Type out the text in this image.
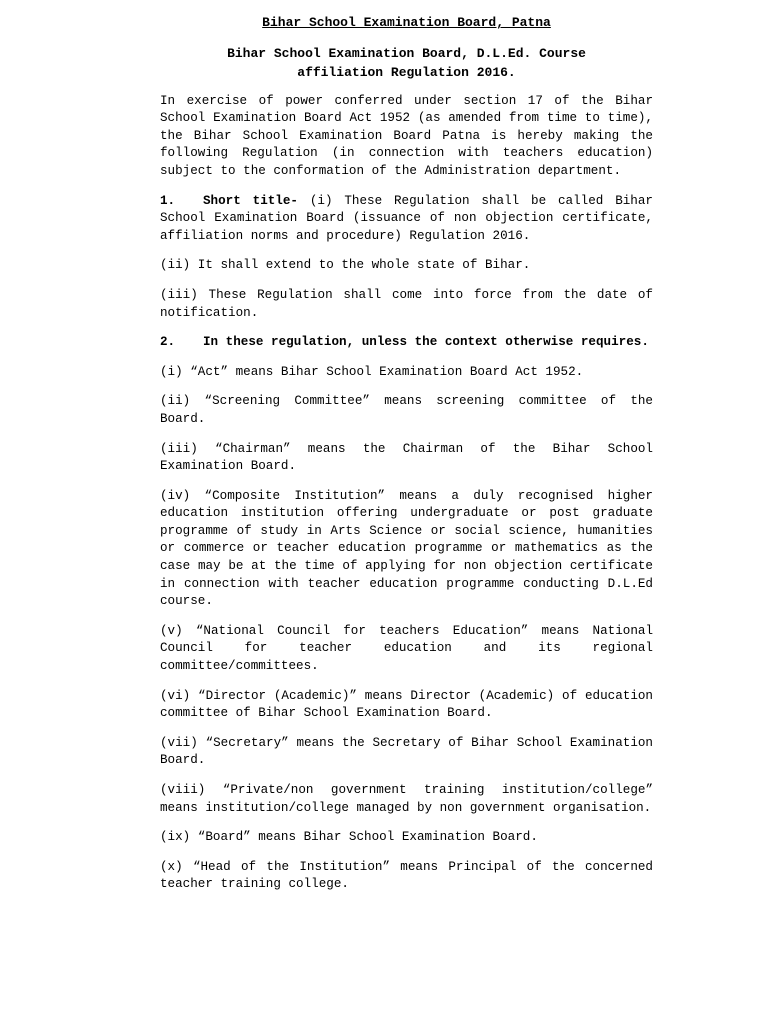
Bihar School Examination Board, Patna
Bihar School Examination Board, D.L.Ed. Course
affiliation Regulation 2016.

In exercise of power conferred under section 17 of the Bihar School Examination Board Act 1952 (as amended from time to time), the Bihar School Examination Board Patna is hereby making the following Regulation (in connection with teachers education) subject to the conformation of the Administration department.

1. Short title- (i) These Regulation shall be called Bihar School Examination Board (issuance of non objection certificate, affiliation norms and procedure) Regulation 2016.

(ii) It shall extend to the whole state of Bihar.

(iii) These Regulation shall come into force from the date of notification.

2. In these regulation, unless the context otherwise requires.

(i) “Act” means Bihar School Examination Board Act 1952.

(ii) “Screening Committee” means screening committee of the Board.

(iii) “Chairman” means the Chairman of the Bihar School Examination Board.

(iv) “Composite Institution” means a duly recognised higher education institution offering undergraduate or post graduate programme of study in Arts Science or social science, humanities or commerce or teacher education programme or mathematics as the case may be at the time of applying for non objection certificate in connection with teacher education programme conducting D.L.Ed course.

(v) “National Council for teachers Education” means National Council for teacher education and its regional committee/committees.

(vi) “Director (Academic)” means Director (Academic) of education committee of Bihar School Examination Board.

(vii) “Secretary” means the Secretary of Bihar School Examination Board.

(viii) “Private/non government training institution/college” means institution/college managed by non government organisation.

(ix) “Board” means Bihar School Examination Board.

(x) “Head of the Institution” means Principal of the concerned teacher training college.
